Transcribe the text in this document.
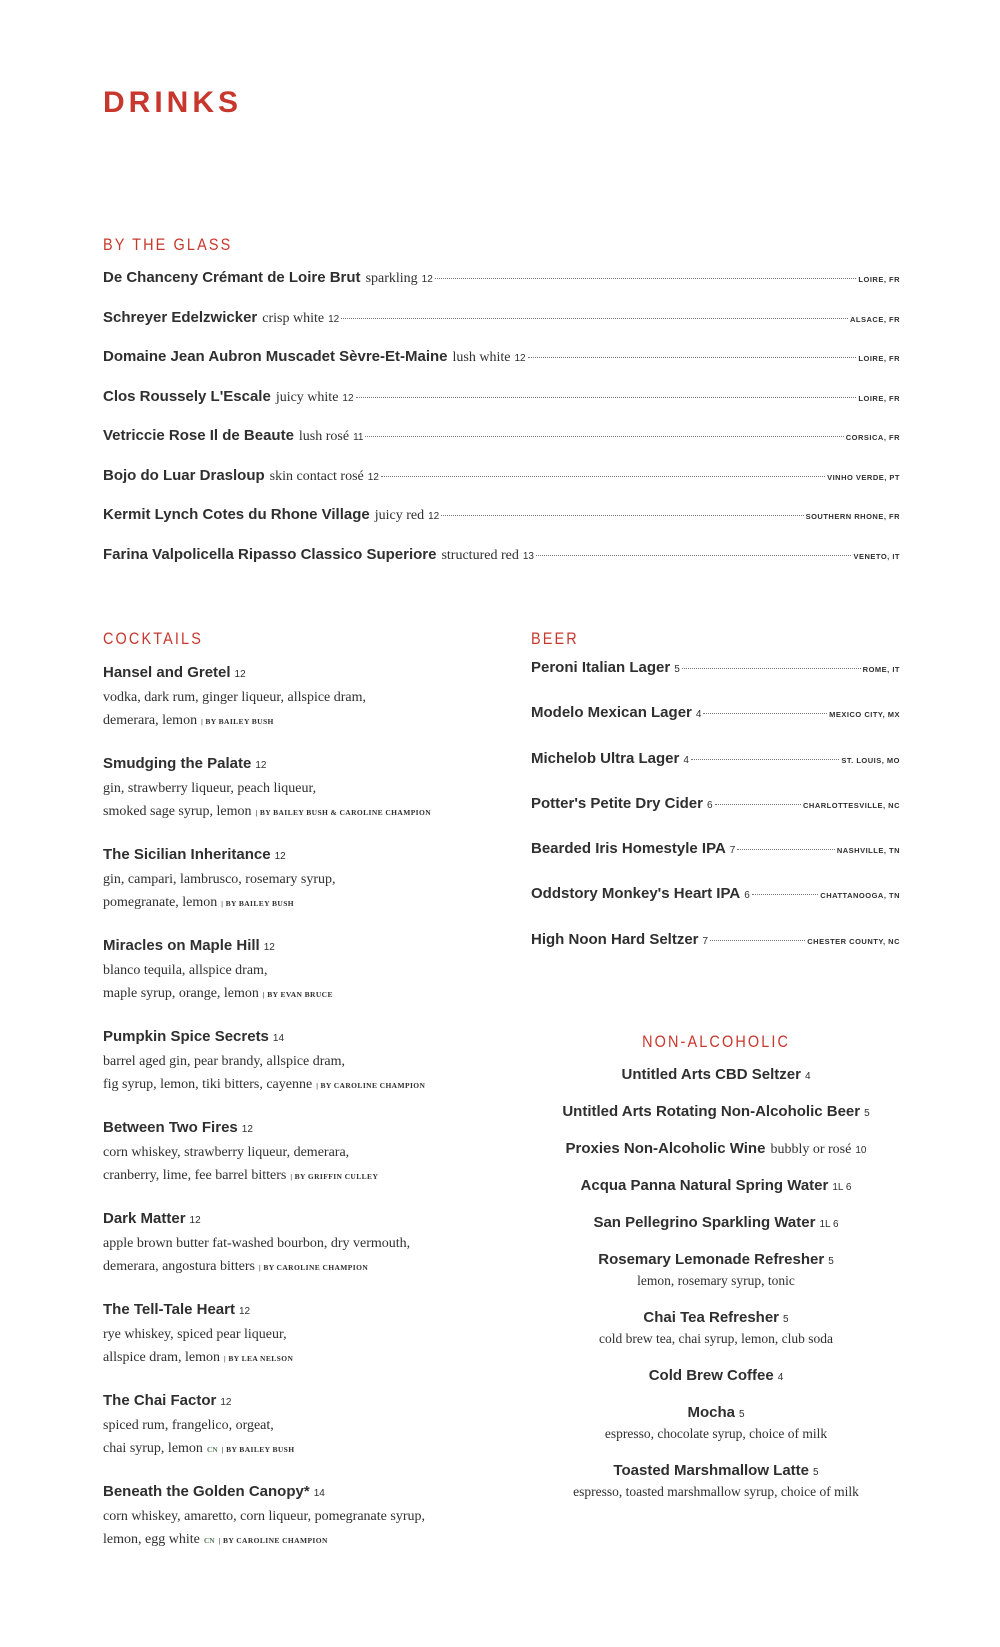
DRINKS
BY THE GLASS
De Chanceny Crémant de Loire Brut sparkling 12	LOIRE, FR
Schreyer Edelzwicker crisp white 12	ALSACE, FR
Domaine Jean Aubron Muscadet Sèvre-Et-Maine lush white 12	LOIRE, FR
Clos Roussely L'Escale juicy white 12	LOIRE, FR
Vetriccie Rose Il de Beaute lush rosé 11	CORSICA, FR
Bojo do Luar Drasloup skin contact rosé 12	VINHO VERDE, PT
Kermit Lynch Cotes du Rhone Village juicy red 12	SOUTHERN RHONE, FR
Farina Valpolicella Ripasso Classico Superiore structured red 13	VENETO, IT
COCKTAILS
Hansel and Gretel 12
vodka, dark rum, ginger liqueur, allspice dram,
demerara, lemon | BY BAILEY BUSH
Smudging the Palate 12
gin, strawberry liqueur, peach liqueur,
smoked sage syrup, lemon | BY BAILEY BUSH & CAROLINE CHAMPION
The Sicilian Inheritance 12
gin, campari, lambrusco, rosemary syrup,
pomegranate, lemon | BY BAILEY BUSH
Miracles on Maple Hill 12
blanco tequila, allspice dram,
maple syrup, orange, lemon | BY EVAN BRUCE
Pumpkin Spice Secrets 14
barrel aged gin, pear brandy, allspice dram,
fig syrup, lemon, tiki bitters, cayenne | BY CAROLINE CHAMPION
Between Two Fires 12
corn whiskey, strawberry liqueur, demerara,
cranberry, lime, fee barrel bitters | BY GRIFFIN CULLEY
Dark Matter 12
apple brown butter fat-washed bourbon, dry vermouth,
demerara, angostura bitters | BY CAROLINE CHAMPION
The Tell-Tale Heart 12
rye whiskey, spiced pear liqueur,
allspice dram, lemon | BY LEA NELSON
The Chai Factor 12
spiced rum, frangelico, orgeat,
chai syrup, lemon CN | BY BAILEY BUSH
Beneath the Golden Canopy* 14
corn whiskey, amaretto, corn liqueur, pomegranate syrup,
lemon, egg white CN | BY CAROLINE CHAMPION
BEER
Peroni Italian Lager 5	ROME, IT
Modelo Mexican Lager 4	MEXICO CITY, MX
Michelob Ultra Lager 4	ST. LOUIS, MO
Potter's Petite Dry Cider 6	CHARLOTTESVILLE, NC
Bearded Iris Homestyle IPA 7	NASHVILLE, TN
Oddstory Monkey's Heart IPA 6	CHATTANOOGA, TN
High Noon Hard Seltzer 7	CHESTER COUNTY, NC
NON-ALCOHOLIC
Untitled Arts CBD Seltzer 4
Untitled Arts Rotating Non-Alcoholic Beer 5
Proxies Non-Alcoholic Wine bubbly or rosé 10
Acqua Panna Natural Spring Water 1L 6
San Pellegrino Sparkling Water 1L 6
Rosemary Lemonade Refresher 5
lemon, rosemary syrup, tonic
Chai Tea Refresher 5
cold brew tea, chai syrup, lemon, club soda
Cold Brew Coffee 4
Mocha 5
espresso, chocolate syrup, choice of milk
Toasted Marshmallow Latte 5
espresso, toasted marshmallow syrup, choice of milk
